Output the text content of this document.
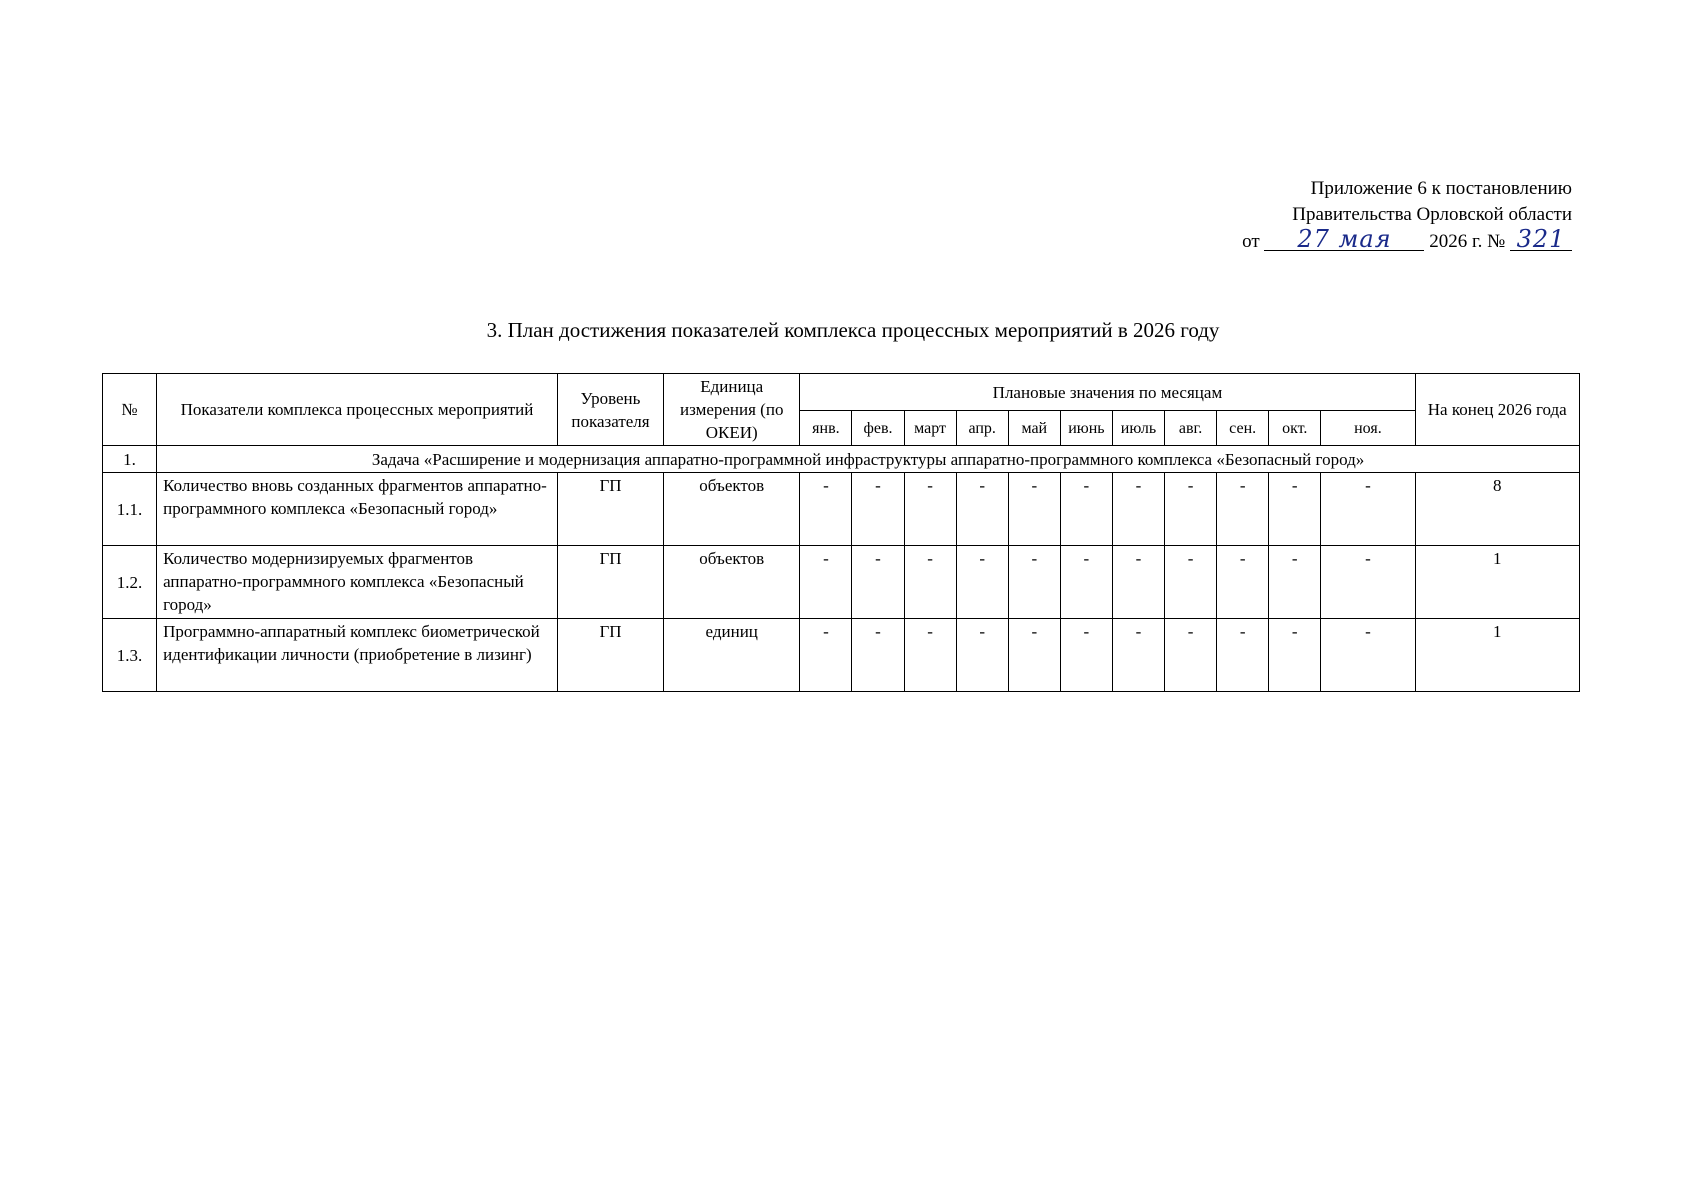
Приложение 6 к постановлению
Правительства Орловской области
от 27 мая 2026 г. № 321
3. План достижения показателей комплекса процессных мероприятий в 2026 году
№	Показатели комплекса процессных мероприятий	Уровень показателя	Единица измерения (по ОКЕИ)	Плановые значения по месяцам											На конец 2026 года
				янв.	фев.	март	апр.	май	июнь	июль	авг.	сен.	окт.	ноя.	
1.	Задача «Расширение и модернизация аппаратно-программной инфраструктуры аппаратно-программного комплекса «Безопасный город»														
1.1.	Количество вновь созданных фрагментов аппаратно-программного комплекса «Безопасный город»	ГП	объектов	-	-	-	-	-	-	-	-	-	-	-	8
1.2.	Количество модернизируемых фрагментов аппаратно-программного комплекса «Безопасный город»	ГП	объектов	-	-	-	-	-	-	-	-	-	-	-	1
1.3.	Программно-аппаратный комплекс биометрической идентификации личности (приобретение в лизинг)	ГП	единиц	-	-	-	-	-	-	-	-	-	-	-	1
